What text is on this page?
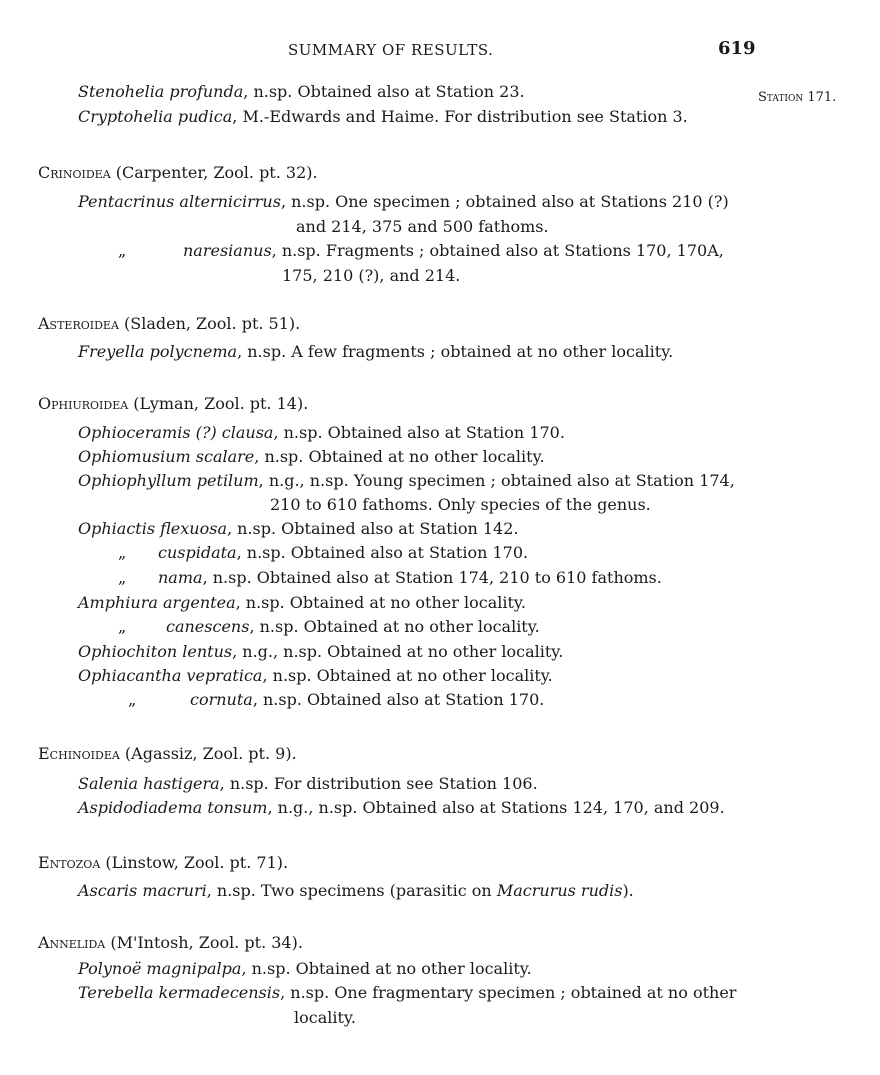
SUMMARY OF RESULTS.	619
Station 171.
Stenohelia profunda, n.sp. Obtained also at Station 23.
Cryptohelia pudica, M.-Edwards and Haime. For distribution see Station 3.
Crinoidea (Carpenter, Zool. pt. 32).
Pentacrinus alternicirrus, n.sp. One specimen ; obtained also at Stations 210 (?)
and 214, 375 and 500 fathoms.
„	naresianus, n.sp. Fragments ; obtained also at Stations 170, 170A,
175, 210 (?), and 214.
Asteroidea (Sladen, Zool. pt. 51).
Freyella polycnema, n.sp. A few fragments ; obtained at no other locality.
Ophiuroidea (Lyman, Zool. pt. 14).
Ophioceramis (?) clausa, n.sp. Obtained also at Station 170.
Ophiomusium scalare, n.sp. Obtained at no other locality.
Ophiophyllum petilum, n.g., n.sp. Young specimen ; obtained also at Station 174,
210 to 610 fathoms. Only species of the genus.
Ophiactis flexuosa, n.sp. Obtained also at Station 142.
„ cuspidata, n.sp. Obtained also at Station 170.
„ nama, n.sp. Obtained also at Station 174, 210 to 610 fathoms.
Amphiura argentea, n.sp. Obtained at no other locality.
„ canescens, n.sp. Obtained at no other locality.
Ophiochiton lentus, n.g., n.sp. Obtained at no other locality.
Ophiacantha vepratica, n.sp. Obtained at no other locality.
„	cornuta, n.sp. Obtained also at Station 170.
Echinoidea (Agassiz, Zool. pt. 9).
Salenia hastigera, n.sp. For distribution see Station 106.
Aspidodiadema tonsum, n.g., n.sp. Obtained also at Stations 124, 170, and 209.
Entozoa (Linstow, Zool. pt. 71).
Ascaris macruri, n.sp. Two specimens (parasitic on Macrurus rudis).
Annelida (M'Intosh, Zool. pt. 34).
Polynoë magnipalpa, n.sp. Obtained at no other locality.
Terebella kermadecensis, n.sp. One fragmentary specimen ; obtained at no other
locality.
